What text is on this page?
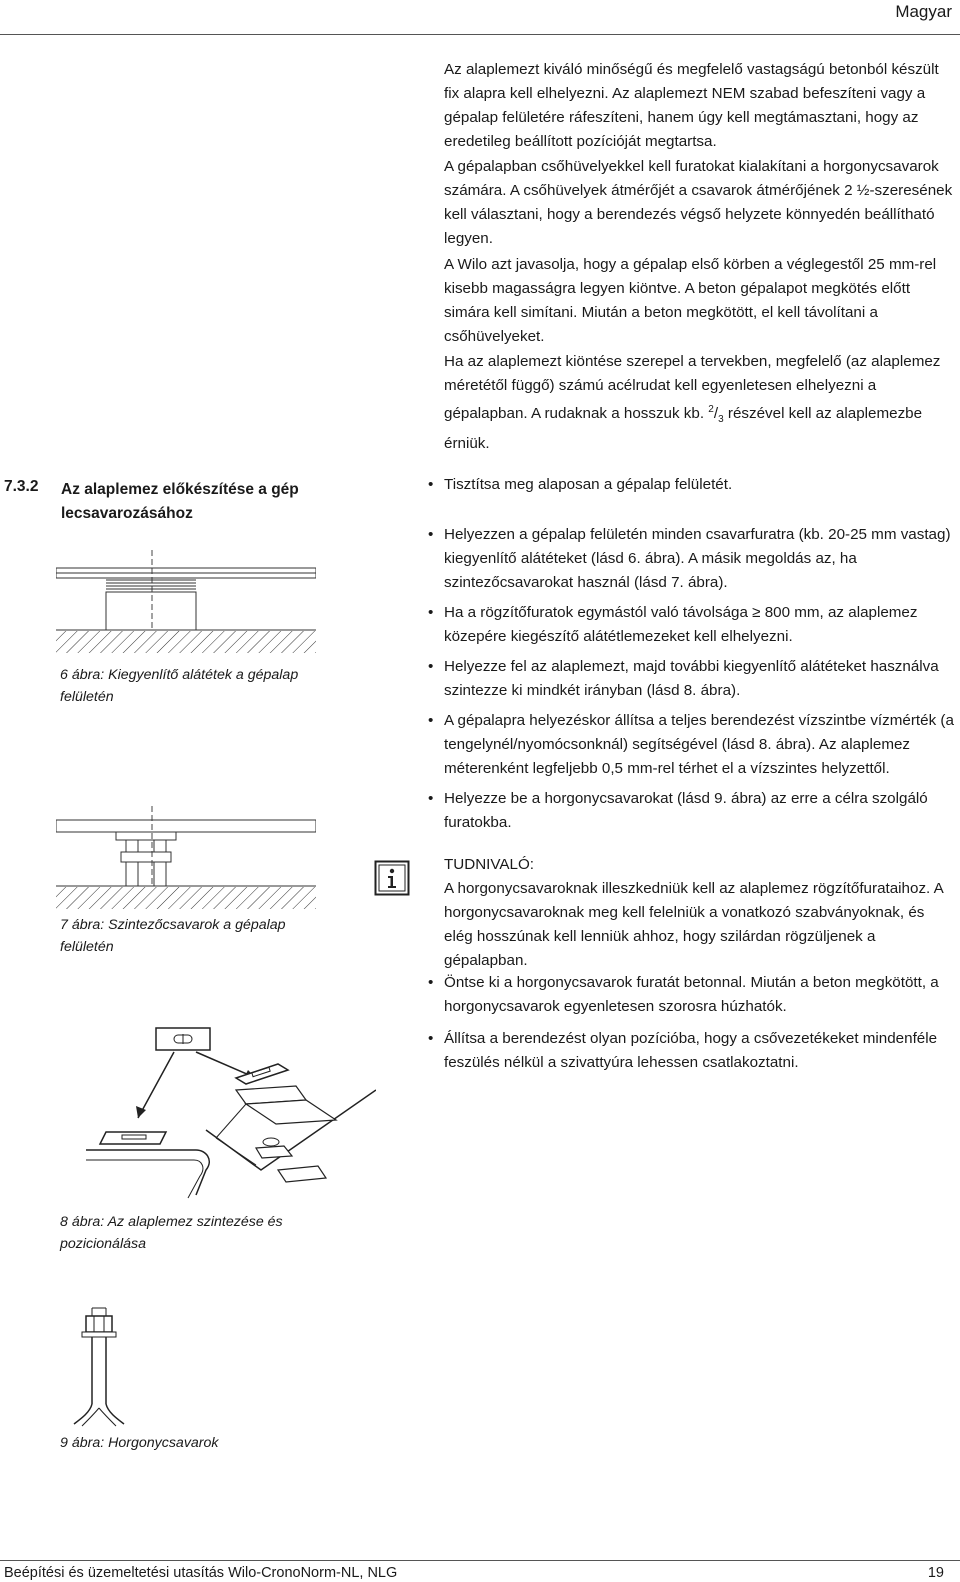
Magyar

Az alaplemezt kiváló minőségű és megfelelő vastagságú betonból készült fix alapra kell elhelyezni. Az alaplemezt NEM szabad befeszíteni vagy a gépalap felületére ráfeszíteni, hanem úgy kell megtámasztani, hogy az eredetileg beállított pozícióját megtartsa.

A gépalapban csőhüvelyekkel kell furatokat kialakítani a horgonycsavarok számára. A csőhüvelyek átmérőjét a csavarok átmérőjének 2 ½-szeresének kell választani, hogy a berendezés végső helyzete könnyedén beállítható legyen.

A Wilo azt javasolja, hogy a gépalap első körben a véglegestől 25 mm-rel kisebb magasságra legyen kiöntve. A beton gépalapot megkötés előtt simára kell simítani. Miután a beton megkötött, el kell távolítani a csőhüvelyeket.

Ha az alaplemezt kiöntése szerepel a tervekben, megfelelő (az alaplemez méretétől függő) számú acélrudat kell egyenletesen elhelyezni a gépalapban. A rudaknak a hosszuk kb. $^2/_3$ részével kell az alaplemezbe érniük.

7.3.2 Az alaplemez előkészítése a gép lecsavarozásához
• Tisztítsa meg alaposan a gépalap felületét.
• Helyezzen a gépalap felületén minden csavarfuratra (kb. 20-25 mm vastag) kiegyenlítő alátéteket (lásd 6. ábra). A másik megoldás az, ha szintezőcsavarokat használ (lásd 7. ábra).
• Ha a rögzítőfuratok egymástól való távolsága ≥ 800 mm, az alaplemez közepére kiegészítő alátétlemezeket kell elhelyezni.
• Helyezze fel az alaplemezt, majd további kiegyenlítő alátéteket használva szintezze ki mindkét irányban (lásd 8. ábra).
• A gépalapra helyezéskor állítsa a teljes berendezést vízszintbe vízmérték (a tengelynél/nyomócsonknál) segítségével (lásd 8. ábra). Az alaplemez méterenként legfeljebb 0,5 mm-rel térhet el a vízszintes helyzettől.
• Helyezze be a horgonycsavarokat (lásd 9. ábra) az erre a célra szolgáló furatokba.
TUDNIVALÓ:
A horgonycsavaroknak illeszkedniük kell az alaplemez rögzítőfurataihoz. A horgonycsavaroknak meg kell felelniük a vonatkozó szabványoknak, és elég hosszúnak kell lenniük ahhoz, hogy szilárdan rögzüljenek a gépalapban.
• Öntse ki a horgonycsavarok furatát betonnal. Miután a beton megkötött, a horgonycsavarok egyenletesen szorosra húzhatók.
• Állítsa a berendezést olyan pozícióba, hogy a csővezetékeket mindenféle feszülés nélkül a szivattyúra lehessen csatlakoztatni.
6 ábra: Kiegyenlítő alátétek a gépalap felületén
7 ábra: Szintezőcsavarok a gépalap felületén
8 ábra: Az alaplemez szintezése és pozicionálása
9 ábra: Horgonycsavarok
Beépítési és üzemeltetési utasítás Wilo-CronoNorm-NL, NLG	19
